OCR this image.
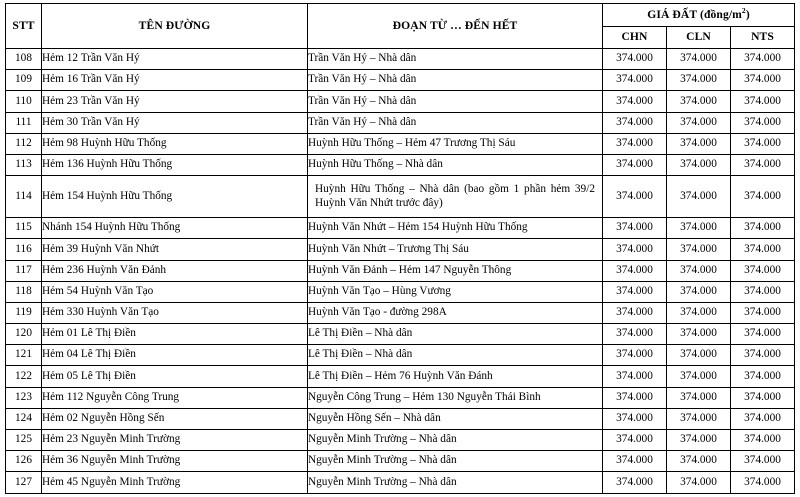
STT	TÊN ĐƯỜNG	ĐOẠN TỪ … ĐẾN HẾT	GIÁ ĐẤT $(đồng/m^2)$		
			CHN	CLN	NTS
108	Hẻm 12 Trần Văn Hý	Trần Văn Hý – Nhà dân	374.000	374.000	374.000
109	Hẻm 16 Trần Văn Hý	Trần Văn Hý – Nhà dân	374.000	374.000	374.000
110	Hẻm 23 Trần Văn Hý	Trần Văn Hý – Nhà dân	374.000	374.000	374.000
111	Hẻm 30 Trần Văn Hý	Trần Văn Hý – Nhà dân	374.000	374.000	374.000
112	Hẻm 98 Huỳnh Hữu Thống	Huỳnh Hữu Thống – Hẻm 47 Trương Thị Sáu	374.000	374.000	374.000
113	Hẻm 136 Huỳnh Hữu Thống	Huỳnh Hữu Thống – Nhà dân	374.000	374.000	374.000
114	Hẻm 154 Huỳnh Hữu Thống	Huỳnh Hữu Thống – Nhà dân (bao gồm 1 phần hẻm 39/2 Huỳnh Văn Nhứt trước đây)	374.000	374.000	374.000
115	Nhánh 154 Huỳnh Hữu Thống	Huỳnh Văn Nhứt – Hẻm 154 Huỳnh Hữu Thống	374.000	374.000	374.000
116	Hẻm 39 Huỳnh Văn Nhứt	Huỳnh Văn Nhứt – Trương Thị Sáu	374.000	374.000	374.000
117	Hẻm 236 Huỳnh Văn Đảnh	Huỳnh Văn Đảnh – Hẻm 147 Nguyễn Thông	374.000	374.000	374.000
118	Hẻm 54 Huỳnh Văn Tạo	Huỳnh Văn Tạo – Hùng Vương	374.000	374.000	374.000
119	Hẻm 330 Huỳnh Văn Tạo	Huỳnh Văn Tạo - đường 298A	374.000	374.000	374.000
120	Hẻm 01 Lê Thị Điền	Lê Thị Điền – Nhà dân	374.000	374.000	374.000
121	Hẻm 04 Lê Thị Điền	Lê Thị Điền – Nhà dân	374.000	374.000	374.000
122	Hẻm 05 Lê Thị Điền	Lê Thị Điền – Hẻm 76 Huỳnh Văn Đánh	374.000	374.000	374.000
123	Hẻm 112 Nguyễn Công Trung	Nguyễn Công Trung – Hẻm 130 Nguyễn Thái Bình	374.000	374.000	374.000
124	Hẻm 02 Nguyễn Hồng Sến	Nguyễn Hồng Sến – Nhà dân	374.000	374.000	374.000
125	Hẻm 23 Nguyễn Minh Trường	Nguyễn Minh Trường – Nhà dân	374.000	374.000	374.000
126	Hẻm 36 Nguyễn Minh Trường	Nguyễn Minh Trường – Nhà dân	374.000	374.000	374.000
127	Hẻm 45 Nguyễn Minh Trường	Nguyễn Minh Trường – Nhà dân	374.000	374.000	374.000
